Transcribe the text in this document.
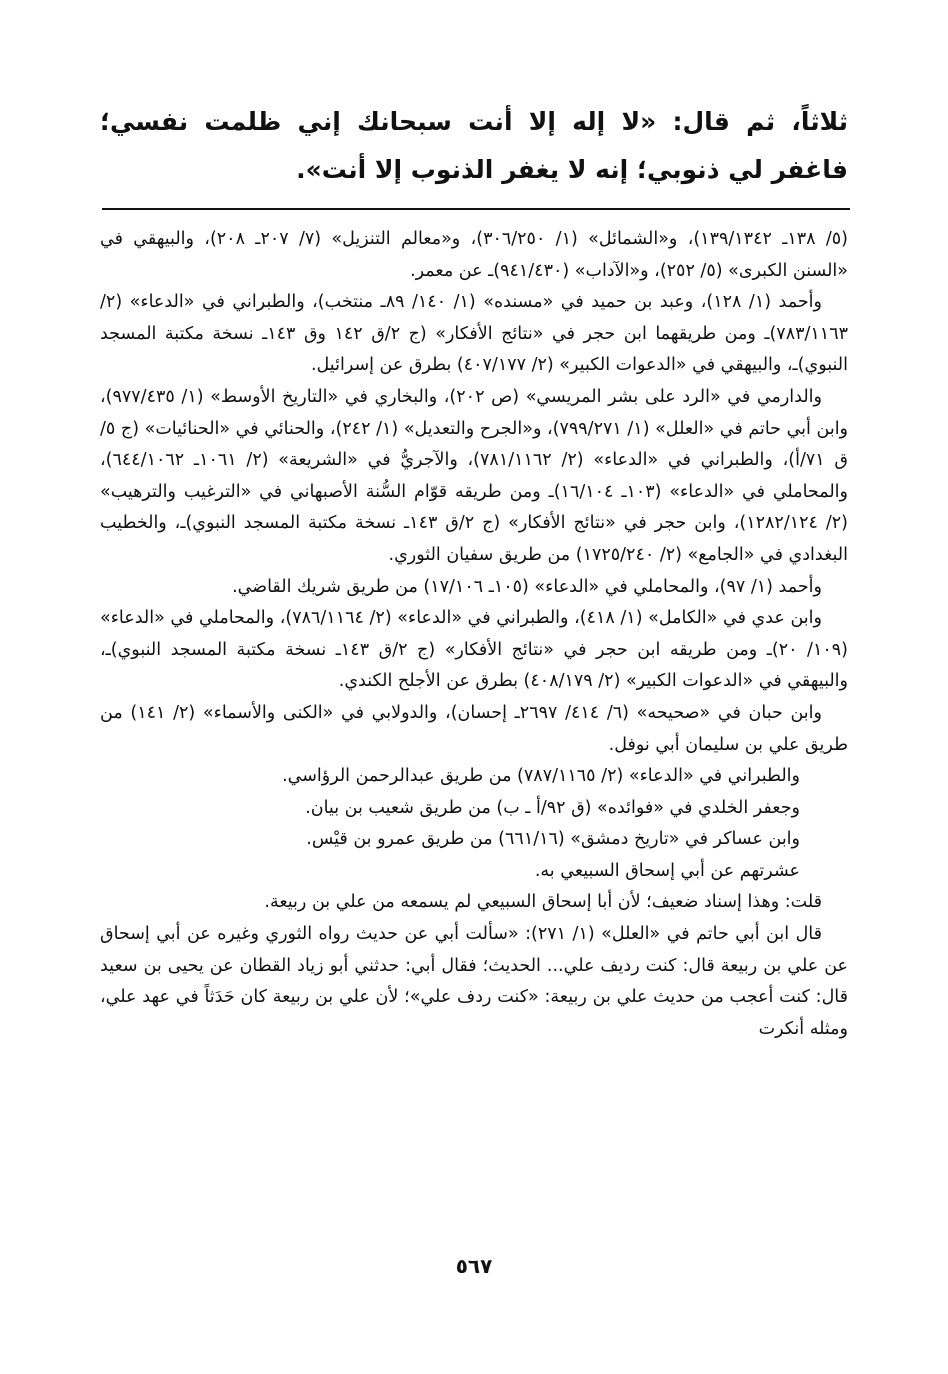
ثلاثاً، ثم قال: «لا إله إلا أنت سبحانك إني ظلمت نفسي؛ فاغفر لي ذنوبي؛ إنه لا يغفر الذنوب إلا أنت».

(٥/ ١٣٨ـ ١٣٩/١٣٤٢)، و«الشمائل» (١/ ٣٠٦/٢٥٠)، و«معالم التنزيل» (٧/ ٢٠٧ـ ٢٠٨)، والبيهقي في «السنن الكبرى» (٥/ ٢٥٢)، و«الآداب» (٩٤١/٤٣٠)ـ عن معمر.

وأحمد (١/ ١٢٨)، وعبد بن حميد في «مسنده» (١/ ١٤٠/ ٨٩ـ منتخب)، والطبراني في «الدعاء» (٢/ ٧٨٣/١١٦٣)ـ ومن طريقهما ابن حجر في «نتائج الأفكار» (ج ٢/ق ١٤٢ وق ١٤٣ـ نسخة مكتبة المسجد النبوي)ـ، والبيهقي في «الدعوات الكبير» (٢/ ٤٠٧/١٧٧) بطرق عن إسرائيل.

والدارمي في «الرد على بشر المريسي» (ص ٢٠٢)، والبخاري في «التاريخ الأوسط» (١/ ٩٧٧/٤٣٥)، وابن أبي حاتم في «العلل» (١/ ٧٩٩/٢٧١)، و«الجرح والتعديل» (١/ ٢٤٢)، والحنائي في «الحنائيات» (ج ٥/ق ٧١/أ)، والطبراني في «الدعاء» (٢/ ٧٨١/١١٦٢)، والآجريُّ في «الشريعة» (٢/ ١٠٦١ـ ٦٤٤/١٠٦٢)، والمحاملي في «الدعاء» (١٠٣ـ ١٦/١٠٤)ـ ومن طريقه قوّام السُّنة الأصبهاني في «الترغيب والترهيب» (٢/ ١٢٨٢/١٢٤)، وابن حجر في «نتائج الأفكار» (ج ٢/ق ١٤٣ـ نسخة مكتبة المسجد النبوي)ـ، والخطيب البغدادي في «الجامع» (٢/ ١٧٢٥/٢٤٠) من طريق سفيان الثوري.

وأحمد (١/ ٩٧)، والمحاملي في «الدعاء» (١٠٥ـ ١٧/١٠٦) من طريق شريك القاضي.

وابن عدي في «الكامل» (١/ ٤١٨)، والطبراني في «الدعاء» (٢/ ٧٨٦/١١٦٤)، والمحاملي في «الدعاء» (١٠٩/ ٢٠)ـ ومن طريقه ابن حجر في «نتائج الأفكار» (ج ٢/ق ١٤٣ـ نسخة مكتبة المسجد النبوي)ـ، والبيهقي في «الدعوات الكبير» (٢/ ٤٠٨/١٧٩) بطرق عن الأجلح الكندي.

وابن حبان في «صحيحه» (٦/ ٤١٤/ ٢٦٩٧ـ إحسان)، والدولابي في «الكنى والأسماء» (٢/ ١٤١) من طريق علي بن سليمان أبي نوفل.

والطبراني في «الدعاء» (٢/ ٧٨٧/١١٦٥) من طريق عبدالرحمن الرؤاسي.

وجعفر الخلدي في «فوائده» (ق ٩٢/أ ـ ب) من طريق شعيب بن بيان.

وابن عساكر في «تاريخ دمشق» (٦٦١/١٦) من طريق عمرو بن قيْس.

عشرتهم عن أبي إسحاق السبيعي به.

قلت: وهذا إسناد ضعيف؛ لأن أبا إسحاق السبيعي لم يسمعه من علي بن ربيعة.

قال ابن أبي حاتم في «العلل» (١/ ٢٧١): «سألت أبي عن حديث رواه الثوري وغيره عن أبي إسحاق عن علي بن ربيعة قال: كنت رديف علي... الحديث؛ فقال أبي: حدثني أبو زياد القطان عن يحيى بن سعيد قال: كنت أعجب من حديث علي بن ربيعة: «كنت ردف علي»؛ لأن علي بن ربيعة كان حَدَثاً في عهد علي، ومثله أنكرت

٥٦٧
